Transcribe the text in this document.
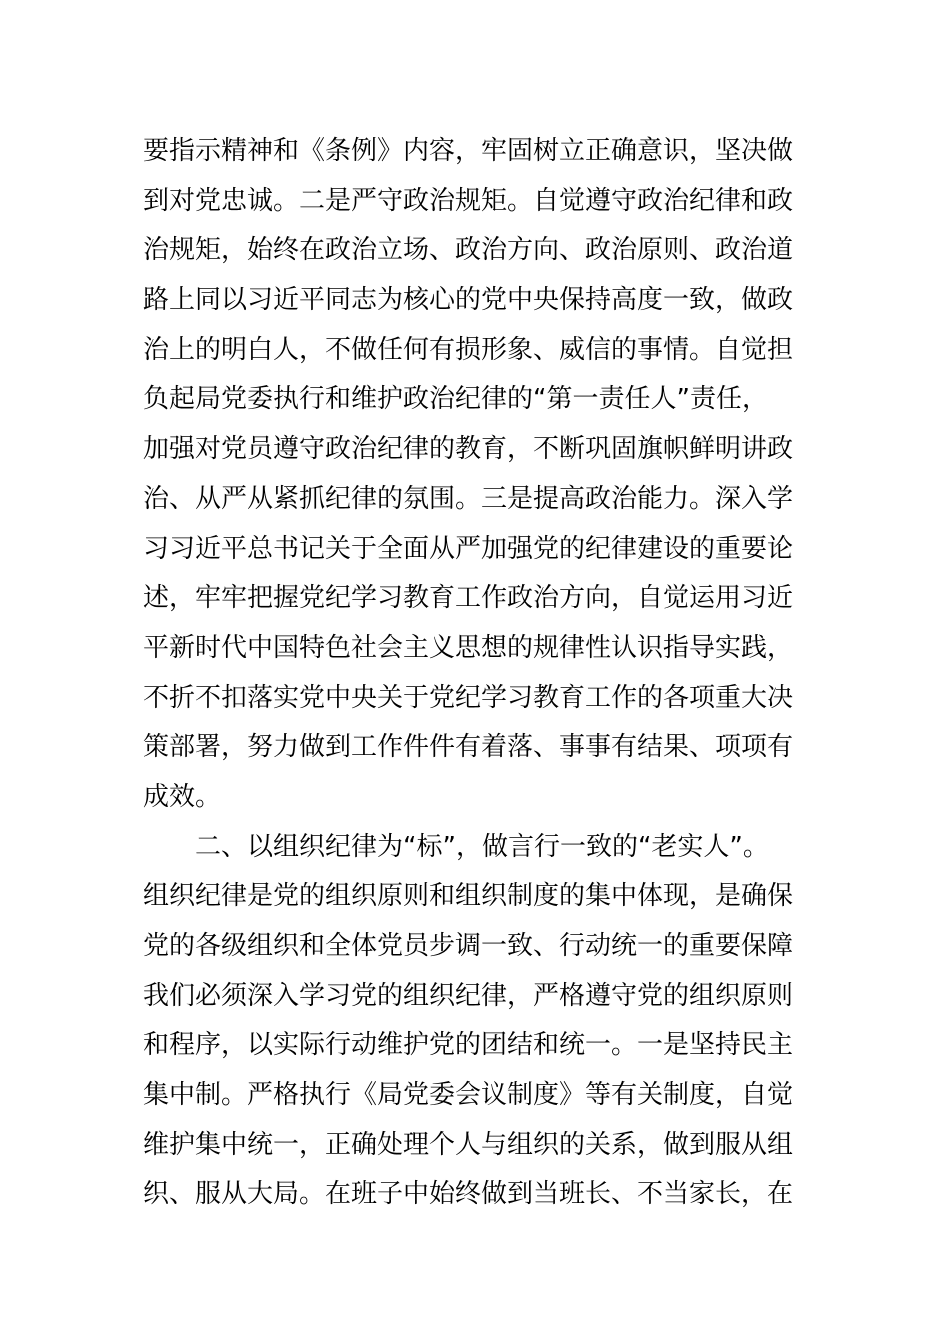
要指示精神和《条例》内容，牢固树立正确意识，坚决做
到对党忠诚。二是严守政治规矩。自觉遵守政治纪律和政
治规矩，始终在政治立场、政治方向、政治原则、政治道
路上同以习近平同志为核心的党中央保持高度一致，做政
治上的明白人，不做任何有损形象、威信的事情。自觉担
负起局党委执行和维护政治纪律的“第一责任人”责任，
加强对党员遵守政治纪律的教育，不断巩固旗帜鲜明讲政
治、从严从紧抓纪律的氛围。三是提高政治能力。深入学
习习近平总书记关于全面从严加强党的纪律建设的重要论
述，牢牢把握党纪学习教育工作政治方向，自觉运用习近
平新时代中国特色社会主义思想的规律性认识指导实践，
不折不扣落实党中央关于党纪学习教育工作的各项重大决
策部署，努力做到工作件件有着落、事事有结果、项项有
成效。
二、以组织纪律为“标”，做言行一致的“老实人”。
组织纪律是党的组织原则和组织制度的集中体现，是确保
党的各级组织和全体党员步调一致、行动统一的重要保障
我们必须深入学习党的组织纪律，严格遵守党的组织原则
和程序，以实际行动维护党的团结和统一。一是坚持民主
集中制。严格执行《局党委会议制度》等有关制度，自觉
维护集中统一，正确处理个人与组织的关系，做到服从组
织、服从大局。在班子中始终做到当班长、不当家长，在
